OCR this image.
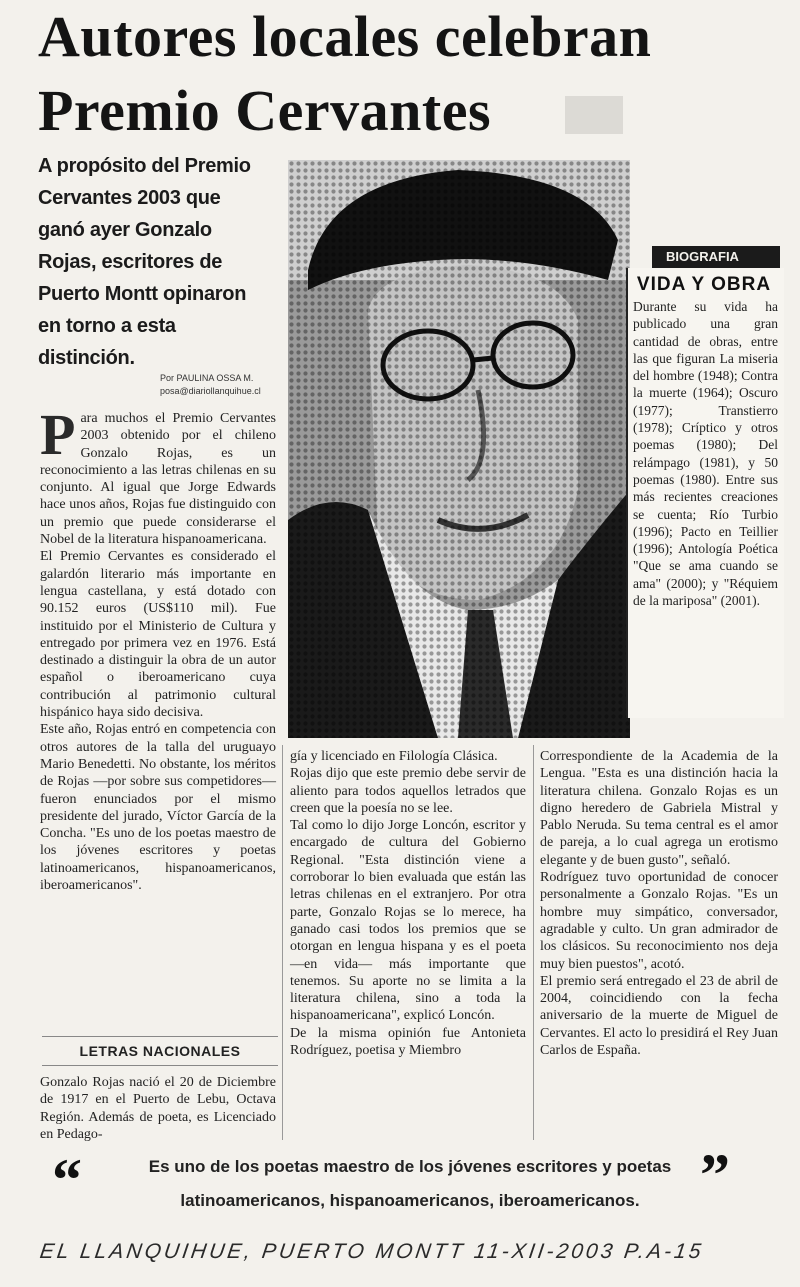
Autores locales celebran
Premio Cervantes
A propósito del Premio Cervantes 2003 que ganó ayer Gonzalo Rojas, escritores de Puerto Montt opinaron en torno a esta distinción.
Por PAULINA OSSA M.
posa@diariollanquihue.cl
P ara muchos el Premio Cervantes 2003 obtenido por el chileno Gonzalo Rojas, es un reconocimiento a las letras chilenas en su conjunto. Al igual que Jorge Edwards hace unos años, Rojas fue distinguido con un premio que puede considerarse el Nobel de la literatura hispanoamericana.

El Premio Cervantes es considerado el galardón literario más importante en lengua castellana, y está dotado con 90.152 euros (US$110 mil). Fue instituido por el Ministerio de Cultura y entregado por primera vez en 1976. Está destinado a distinguir la obra de un autor español o iberoamericano cuya contribución al patrimonio cultural hispánico haya sido decisiva.

Este año, Rojas entró en competencia con otros autores de la talla del uruguayo Mario Benedetti. No obstante, los méritos de Rojas —por sobre sus competidores— fueron enunciados por el mismo presidente del jurado, Víctor García de la Concha. "Es uno de los poetas maestro de los jóvenes escritores y poetas latinoamericanos, hispanoamericanos, iberoamericanos".

LETRAS NACIONALES
Gonzalo Rojas nació el 20 de Diciembre de 1917 en el Puerto de Lebu, Octava Región. Además de poeta, es Licenciado en Pedago-
BIOGRAFIA
VIDA Y OBRA
Durante su vida ha publicado una gran cantidad de obras, entre las que figuran La miseria del hombre (1948); Contra la muerte (1964); Oscuro (1977); Transtierro (1978); Críptico y otros poemas (1980); Del relámpago (1981), y 50 poemas (1980). Entre sus más recientes creaciones se cuenta; Río Turbio (1996); Pacto en Teillier (1996); Antología Poética "Que se ama cuando se ama" (2000); y "Réquiem de la mariposa" (2001).

gía y licenciado en Filología Clásica.

Rojas dijo que este premio debe servir de aliento para todos aquellos letrados que creen que la poesía no se lee.

Tal como lo dijo Jorge Loncón, escritor y encargado de cultura del Gobierno Regional. "Esta distinción viene a corroborar lo bien evaluada que están las letras chilenas en el extranjero. Por otra parte, Gonzalo Rojas se lo merece, ha ganado casi todos los premios que se otorgan en lengua hispana y es el poeta —en vida— más importante que tenemos. Su aporte no se limita a la literatura chilena, sino a toda la hispanoamericana", explicó Loncón.

De la misma opinión fue Antonieta Rodríguez, poetisa y Miembro

Correspondiente de la Academia de la Lengua. "Esta es una distinción hacia la literatura chilena. Gonzalo Rojas es un digno heredero de Gabriela Mistral y Pablo Neruda. Su tema central es el amor de pareja, a lo cual agrega un erotismo elegante y de buen gusto", señaló.

Rodríguez tuvo oportunidad de conocer personalmente a Gonzalo Rojas. "Es un hombre muy simpático, conversador, agradable y culto. Un gran admirador de los clásicos. Su reconocimiento nos deja muy bien puestos", acotó.

El premio será entregado el 23 de abril de 2004, coincidiendo con la fecha aniversario de la muerte de Miguel de Cervantes. El acto lo presidirá el Rey Juan Carlos de España.

“	”
Es uno de los poetas maestro de los jóvenes escritores y poetas
latinoamericanos, hispanoamericanos, iberoamericanos.
EL LLANQUIHUE, PUERTO MONTT 11-XII-2003 P.A-15
